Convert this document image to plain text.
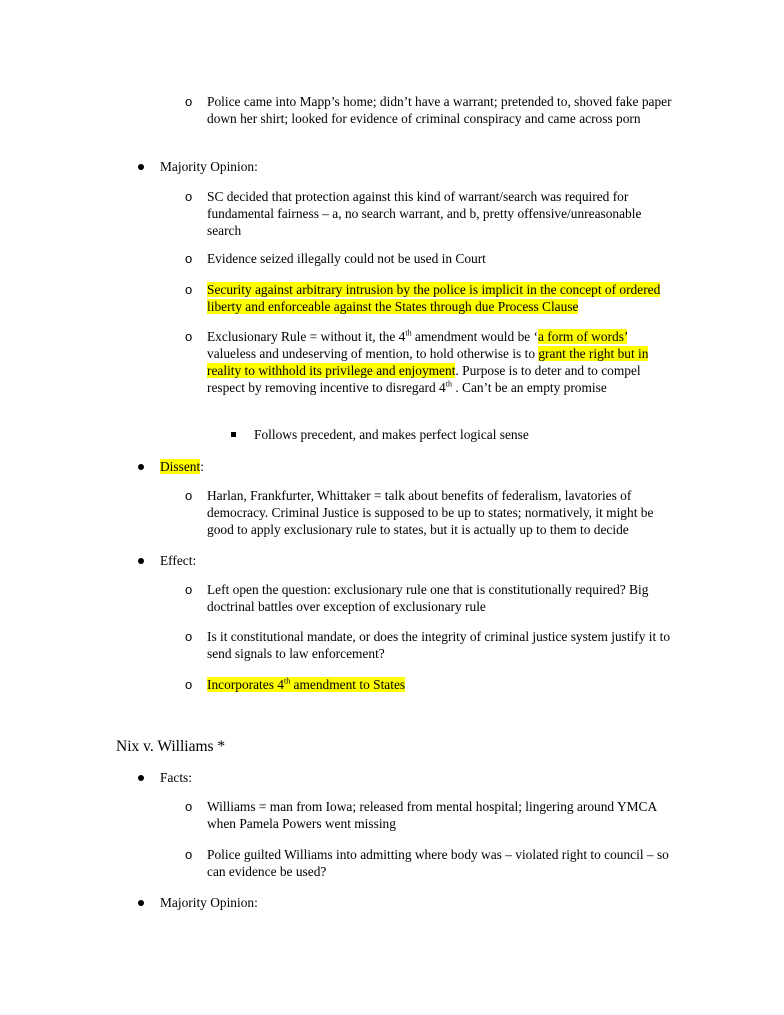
o Police came into Mapp’s home; didn’t have a warrant; pretended to, shoved fake paper down her shirt; looked for evidence of criminal conspiracy and came across porn
Majority Opinion:
o SC decided that protection against this kind of warrant/search was required for fundamental fairness – a, no search warrant, and b, pretty offensive/unreasonable search
o Evidence seized illegally could not be used in Court
o Security against arbitrary intrusion by the police is implicit in the concept of ordered liberty and enforceable against the States through due Process Clause
o Exclusionary Rule = without it, the 4th amendment would be ‘a form of words’ valueless and undeserving of mention, to hold otherwise is to grant the right but in reality to withhold its privilege and enjoyment. Purpose is to deter and to compel respect by removing incentive to disregard 4th . Can’t be an empty promise
Follows precedent, and makes perfect logical sense
Dissent:
o Harlan, Frankfurter, Whittaker = talk about benefits of federalism, lavatories of democracy. Criminal Justice is supposed to be up to states; normatively, it might be good to apply exclusionary rule to states, but it is actually up to them to decide
Effect:
o Left open the question: exclusionary rule one that is constitutionally required? Big doctrinal battles over exception of exclusionary rule
o Is it constitutional mandate, or does the integrity of criminal justice system justify it to send signals to law enforcement?
o Incorporates 4th amendment to States
Nix v. Williams *
Facts:
o Williams = man from Iowa; released from mental hospital; lingering around YMCA when Pamela Powers went missing
o Police guilted Williams into admitting where body was – violated right to council – so can evidence be used?
Majority Opinion:
